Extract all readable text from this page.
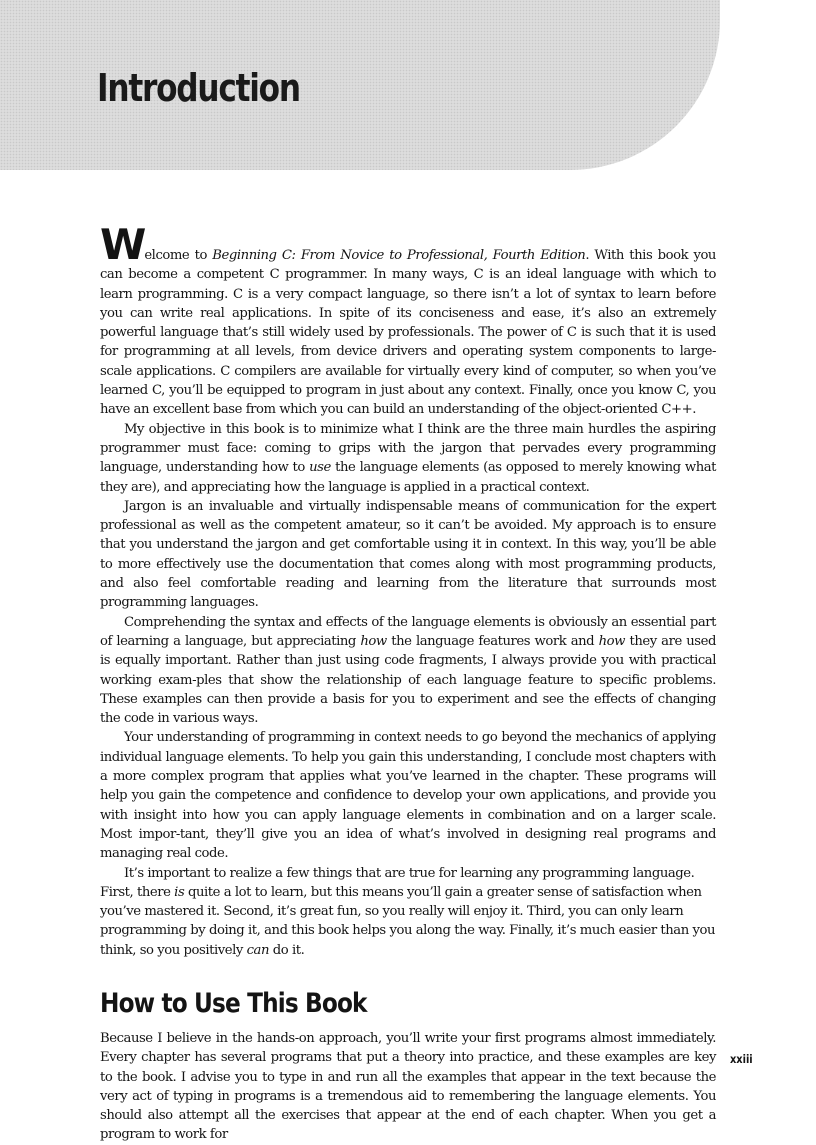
Introduction

Welcome to Beginning C: From Novice to Professional, Fourth Edition. With this book you can become a competent C programmer. In many ways, C is an ideal language with which to learn programming. C is a very compact language, so there isn’t a lot of syntax to learn before you can write real applications. In spite of its conciseness and ease, it’s also an extremely powerful language that’s still widely used by professionals. The power of C is such that it is used for programming at all levels, from device drivers and operating system components to large-scale applications. C compilers are available for virtually every kind of computer, so when you’ve learned C, you’ll be equipped to program in just about any context. Finally, once you know C, you have an excellent base from which you can build an understanding of the object-oriented C++.

My objective in this book is to minimize what I think are the three main hurdles the aspiring programmer must face: coming to grips with the jargon that pervades every programming language, understanding how to use the language elements (as opposed to merely knowing what they are), and appreciating how the language is applied in a practical context.

Jargon is an invaluable and virtually indispensable means of communication for the expert professional as well as the competent amateur, so it can’t be avoided. My approach is to ensure that you understand the jargon and get comfortable using it in context. In this way, you’ll be able to more effectively use the documentation that comes along with most programming products, and also feel comfortable reading and learning from the literature that surrounds most programming languages.

Comprehending the syntax and effects of the language elements is obviously an essential part of learning a language, but appreciating how the language features work and how they are used is equally important. Rather than just using code fragments, I always provide you with practical working exam-ples that show the relationship of each language feature to specific problems. These examples can then provide a basis for you to experiment and see the effects of changing the code in various ways.

Your understanding of programming in context needs to go beyond the mechanics of applying individual language elements. To help you gain this understanding, I conclude most chapters with a more complex program that applies what you’ve learned in the chapter. These programs will help you gain the competence and confidence to develop your own applications, and provide you with insight into how you can apply language elements in combination and on a larger scale. Most impor-tant, they’ll give you an idea of what’s involved in designing real programs and managing real code.

It’s important to realize a few things that are true for learning any programming language. First, there is quite a lot to learn, but this means you’ll gain a greater sense of satisfaction when you’ve mastered it. Second, it’s great fun, so you really will enjoy it. Third, you can only learn programming by doing it, and this book helps you along the way. Finally, it’s much easier than you think, so you positively can do it.

How to Use This Book

Because I believe in the hands-on approach, you’ll write your first programs almost immediately. Every chapter has several programs that put a theory into practice, and these examples are key to the book. I advise you to type in and run all the examples that appear in the text because the very act of typing in programs is a tremendous aid to remembering the language elements. You should also attempt all the exercises that appear at the end of each chapter. When you get a program to work for

xxiii
